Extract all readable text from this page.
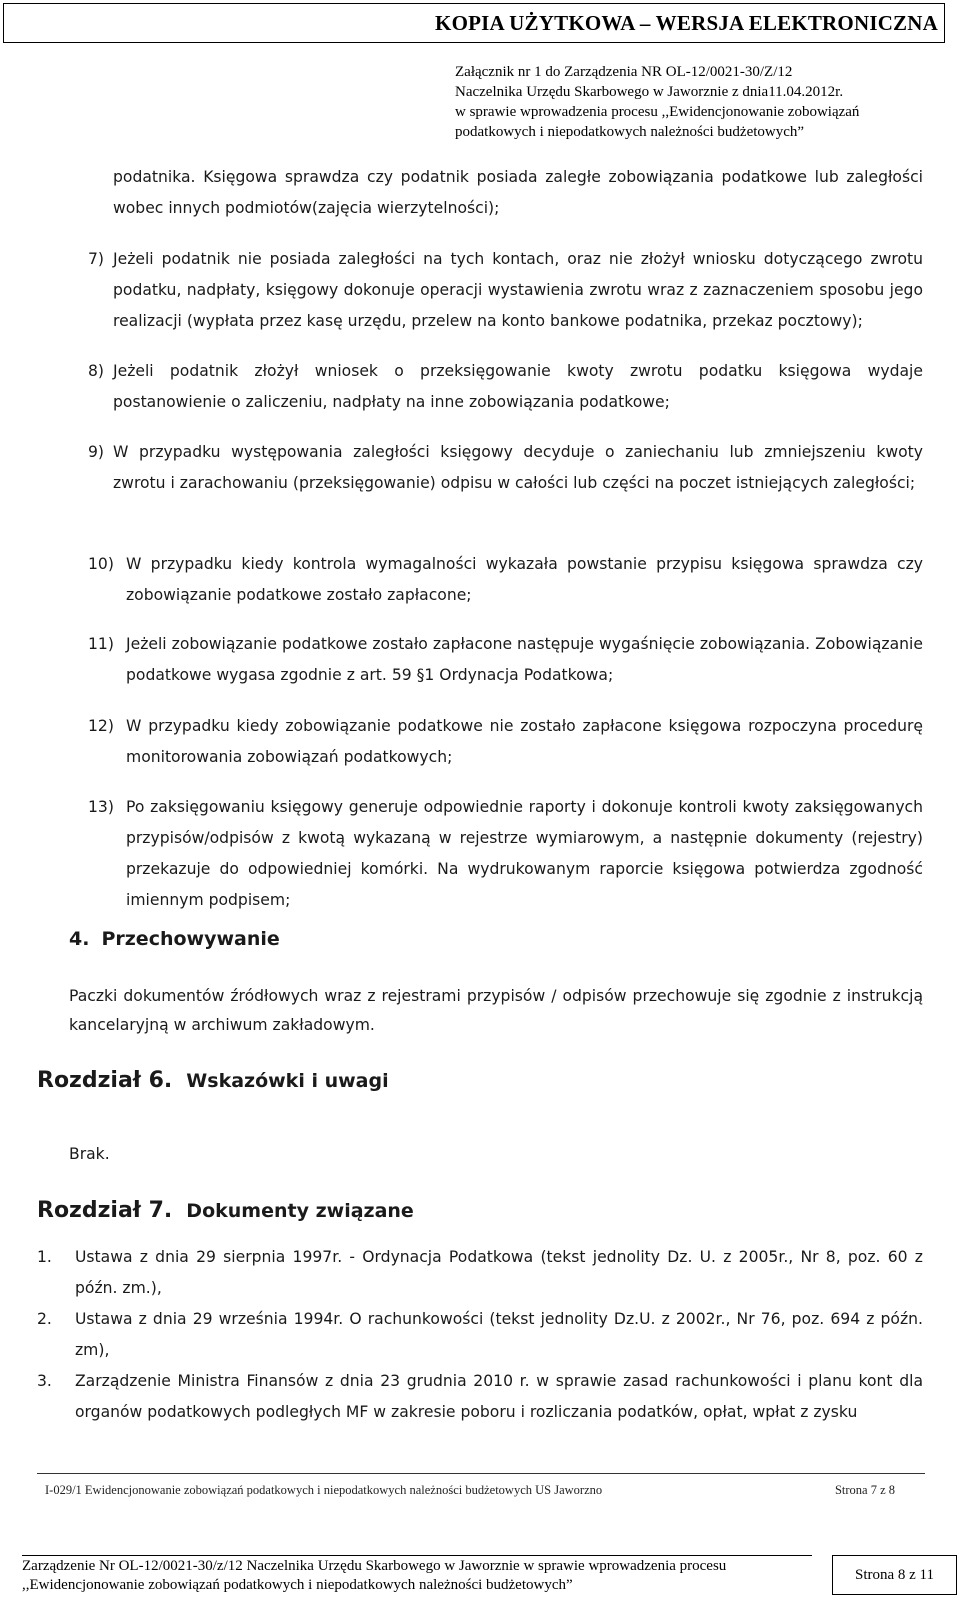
KOPIA UŻYTKOWA – WERSJA ELEKTRONICZNA
Załącznik nr 1 do Zarządzenia NR OL-12/0021-30/Z/12
Naczelnika Urzędu Skarbowego w Jaworznie z dnia11.04.2012r.
w sprawie wprowadzenia procesu ,,Ewidencjonowanie zobowiązań
podatkowych i niepodatkowych należności budżetowych”

podatnika. Księgowa sprawdza czy podatnik posiada zaległe zobowiązania podatkowe lub zaległości wobec innych podmiotów(zajęcia wierzytelności);

7) Jeżeli podatnik nie posiada zaległości na tych kontach, oraz nie złożył wniosku dotyczącego zwrotu podatku, nadpłaty, księgowy dokonuje operacji wystawienia zwrotu wraz z zaznaczeniem sposobu jego realizacji (wypłata przez kasę urzędu, przelew na konto bankowe podatnika, przekaz pocztowy);
8) Jeżeli podatnik złożył wniosek o przeksięgowanie kwoty zwrotu podatku księgowa wydaje postanowienie o zaliczeniu, nadpłaty na inne zobowiązania podatkowe;
9) W przypadku występowania zaległości księgowy decyduje o zaniechaniu lub zmniejszeniu kwoty zwrotu i zarachowaniu (przeksięgowanie) odpisu w całości lub części na poczet istniejących zaległości;
10) W przypadku kiedy kontrola wymagalności wykazała powstanie przypisu księgowa sprawdza czy zobowiązanie podatkowe zostało zapłacone;
11) Jeżeli zobowiązanie podatkowe zostało zapłacone następuje wygaśnięcie zobowiązania. Zobowiązanie podatkowe wygasa zgodnie z art. 59 §1 Ordynacja Podatkowa;
12) W przypadku kiedy zobowiązanie podatkowe nie zostało zapłacone księgowa rozpoczyna procedurę monitorowania zobowiązań podatkowych;
13) Po zaksięgowaniu księgowy generuje odpowiednie raporty i dokonuje kontroli kwoty zaksięgowanych przypisów/odpisów z kwotą wykazaną w rejestrze wymiarowym, a następnie dokumenty (rejestry) przekazuje do odpowiedniej komórki. Na wydrukowanym raporcie księgowa potwierdza zgodność imiennym podpisem;
4. Przechowywanie
Paczki dokumentów źródłowych wraz z rejestrami przypisów / odpisów przechowuje się zgodnie z instrukcją kancelaryjną w archiwum zakładowym.
Rozdział 6. Wskazówki i uwagi
Brak.
Rozdział 7. Dokumenty związane
1. Ustawa z dnia 29 sierpnia 1997r. - Ordynacja Podatkowa (tekst jednolity Dz. U. z 2005r., Nr 8, poz. 60 z późn. zm.),
2. Ustawa z dnia 29 września 1994r. O rachunkowości (tekst jednolity Dz.U. z 2002r., Nr 76, poz. 694 z późn. zm),
3. Zarządzenie Ministra Finansów z dnia 23 grudnia 2010 r. w sprawie zasad rachunkowości i planu kont dla organów podatkowych podległych MF w zakresie poboru i rozliczania podatków, opłat, wpłat z zysku
I-029/1 Ewidencjonowanie zobowiązań podatkowych i niepodatkowych należności budżetowych US Jaworzno	Strona 7 z 8
Zarządzenie Nr OL-12/0021-30/z/12 Naczelnika Urzędu Skarbowego w Jaworznie w sprawie wprowadzenia procesu
,,Ewidencjonowanie zobowiązań podatkowych i niepodatkowych należności budżetowych”
Strona 8 z 11
